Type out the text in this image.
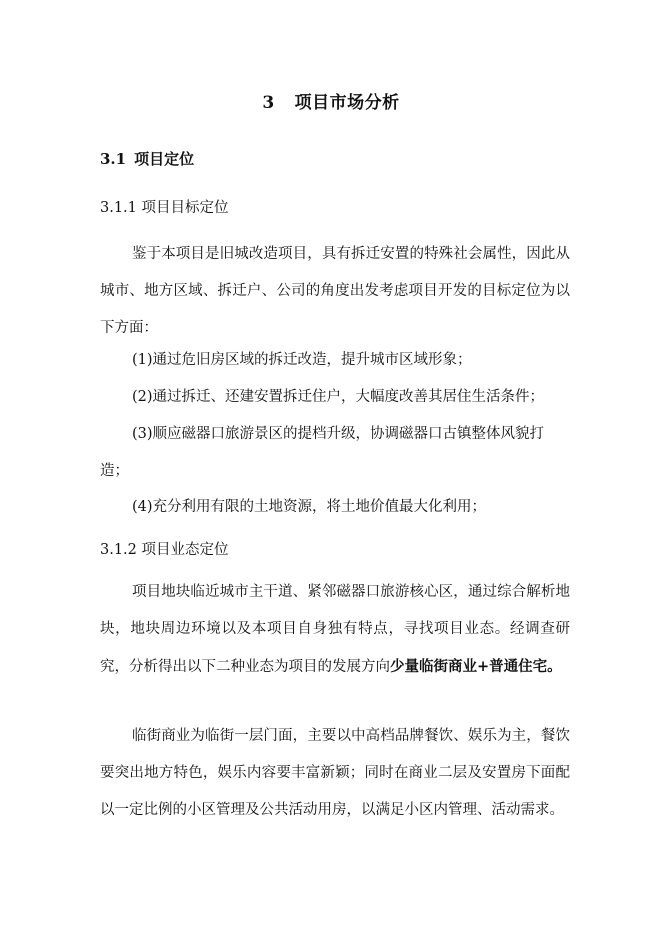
3 项目市场分析
3.1 项目定位
3.1.1 项目目标定位

鉴于本项目是旧城改造项目，具有拆迁安置的特殊社会属性，因此从城市、地方区域、拆迁户、公司的角度出发考虑项目开发的目标定位为以下方面：

(1)通过危旧房区域的拆迁改造，提升城市区域形象；

(2)通过拆迁、还建安置拆迁住户，大幅度改善其居住生活条件；

(3)顺应磁器口旅游景区的提档升级，协调磁器口古镇整体风貌打造；

(4)充分利用有限的土地资源，将土地价值最大化利用；

3.1.2 项目业态定位

项目地块临近城市主干道、紧邻磁器口旅游核心区，通过综合解析地块，地块周边环境以及本项目自身独有特点，寻找项目业态。经调查研究，分析得出以下二种业态为项目的发展方向少量临街商业+普通住宅。

临街商业为临街一层门面，主要以中高档品牌餐饮、娱乐为主，餐饮要突出地方特色，娱乐内容要丰富新颖；同时在商业二层及安置房下面配以一定比例的小区管理及公共活动用房，以满足小区内管理、活动需求。
